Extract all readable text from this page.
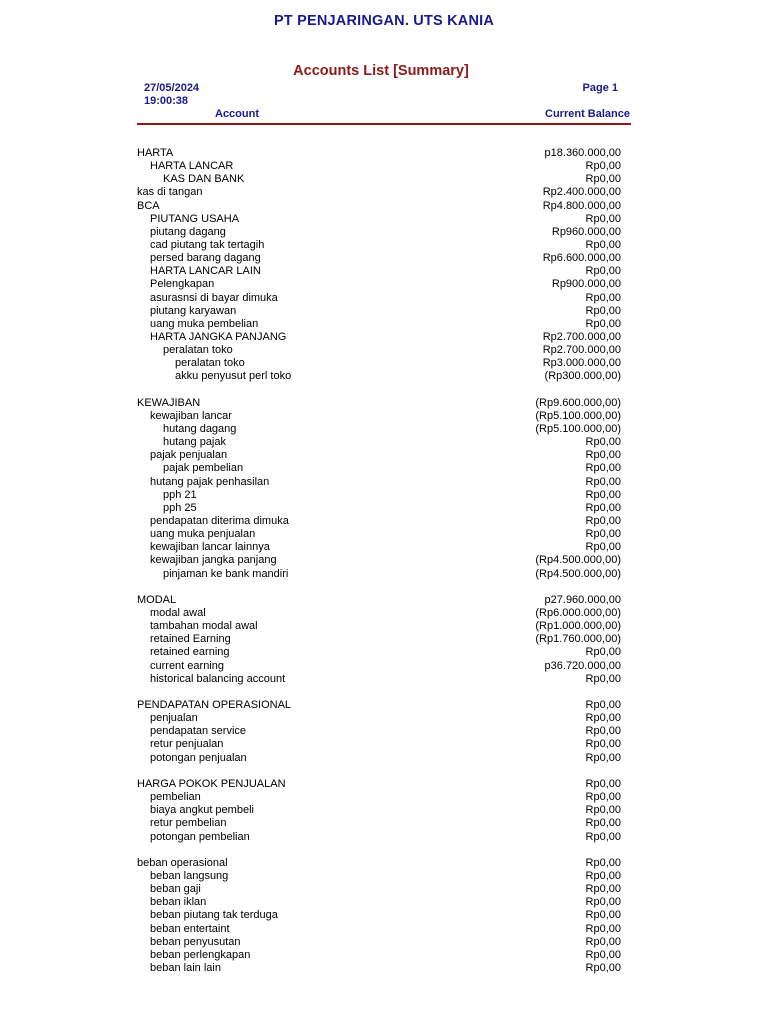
PT PENJARINGAN. UTS KANIA
Accounts List [Summary]
27/05/2024
19:00:38
Page 1
Account	Current Balance
HARTA	p18.360.000,00
HARTA LANCAR	Rp0,00
KAS DAN BANK	Rp0,00
kas di tangan	Rp2.400.000,00
BCA	Rp4.800.000,00
PIUTANG USAHA	Rp0,00
piutang dagang	Rp960.000,00
cad piutang tak tertagih	Rp0,00
persed barang dagang	Rp6.600.000,00
HARTA LANCAR LAIN	Rp0,00
Pelengkapan	Rp900.000,00
asurasnsi di bayar dimuka	Rp0,00
piutang karyawan	Rp0,00
uang muka pembelian	Rp0,00
HARTA JANGKA PANJANG	Rp2.700.000,00
peralatan toko	Rp2.700.000,00
peralatan toko	Rp3.000.000,00
akku penyusut perl toko	(Rp300.000,00)
KEWAJIBAN	(Rp9.600.000,00)
kewajiban lancar	(Rp5.100.000,00)
hutang dagang	(Rp5.100.000,00)
hutang pajak	Rp0,00
pajak penjualan	Rp0,00
pajak pembelian	Rp0,00
hutang pajak penhasilan	Rp0,00
pph 21	Rp0,00
pph 25	Rp0,00
pendapatan diterima dimuka	Rp0,00
uang muka penjualan	Rp0,00
kewajiban lancar lainnya	Rp0,00
kewajiban jangka panjang	(Rp4.500.000,00)
pinjaman ke bank mandiri	(Rp4.500.000,00)
MODAL	p27.960.000,00
modal awal	(Rp6.000.000,00)
tambahan modal awal	(Rp1.000.000,00)
retained Earning	(Rp1.760.000,00)
retained earning	Rp0,00
current earning	p36.720.000,00
historical balancing account	Rp0,00
PENDAPATAN OPERASIONAL	Rp0,00
penjualan	Rp0,00
pendapatan service	Rp0,00
retur penjualan	Rp0,00
potongan penjualan	Rp0,00
HARGA POKOK PENJUALAN	Rp0,00
pembelian	Rp0,00
biaya angkut pembeli	Rp0,00
retur pembelian	Rp0,00
potongan pembelian	Rp0,00
beban operasional	Rp0,00
beban langsung	Rp0,00
beban gaji	Rp0,00
beban iklan	Rp0,00
beban piutang tak terduga	Rp0,00
beban entertaint	Rp0,00
beban penyusutan	Rp0,00
beban perlengkapan	Rp0,00
beban lain lain	Rp0,00
